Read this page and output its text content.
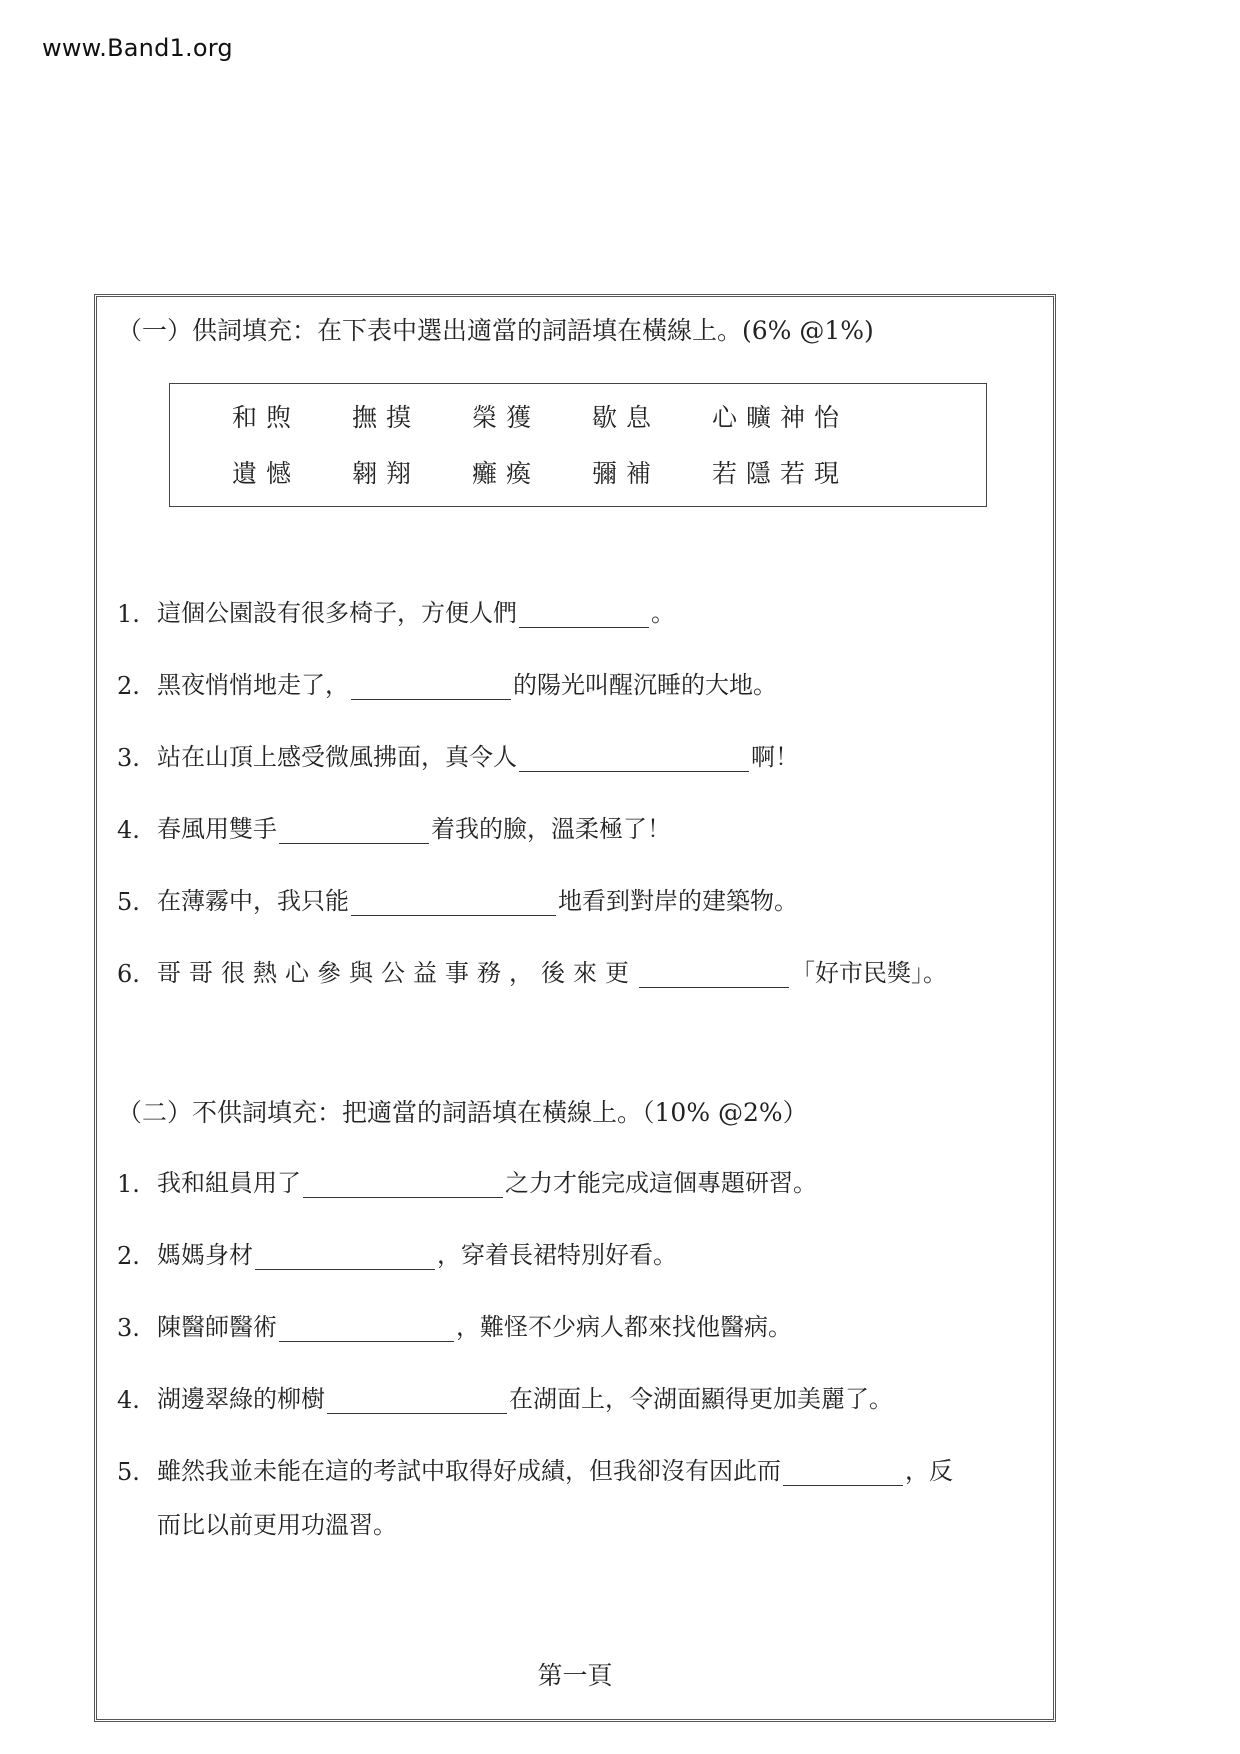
www.Band1.org
（一）供詞填充：在下表中選出適當的詞語填在橫線上。(6% @1%)
和煦 撫摸 榮獲 歇息 心曠神怡
遺憾 翱翔 癱瘓 彌補 若隱若現
1. 這個公園設有很多椅子，方便人們	。
2. 黑夜悄悄地走了，	的陽光叫醒沉睡的大地。
3. 站在山頂上感受微風拂面，真令人	啊！
4. 春風用雙手	着我的臉，溫柔極了！
5. 在薄霧中，我只能	地看到對岸的建築物。
6. 哥哥很熱心參與公益事務，後來更	「好市民獎」。
（二）不供詞填充：把適當的詞語填在橫線上。（10% @2%）
1. 我和組員用了	之力才能完成這個專題研習。
2. 媽媽身材	，穿着長裙特別好看。
3. 陳醫師醫術	，難怪不少病人都來找他醫病。
4. 湖邊翠綠的柳樹	在湖面上，令湖面顯得更加美麗了。
5. 雖然我並未能在這的考試中取得好成績，但我卻沒有因此而	，反
而比以前更用功溫習。
第一頁
